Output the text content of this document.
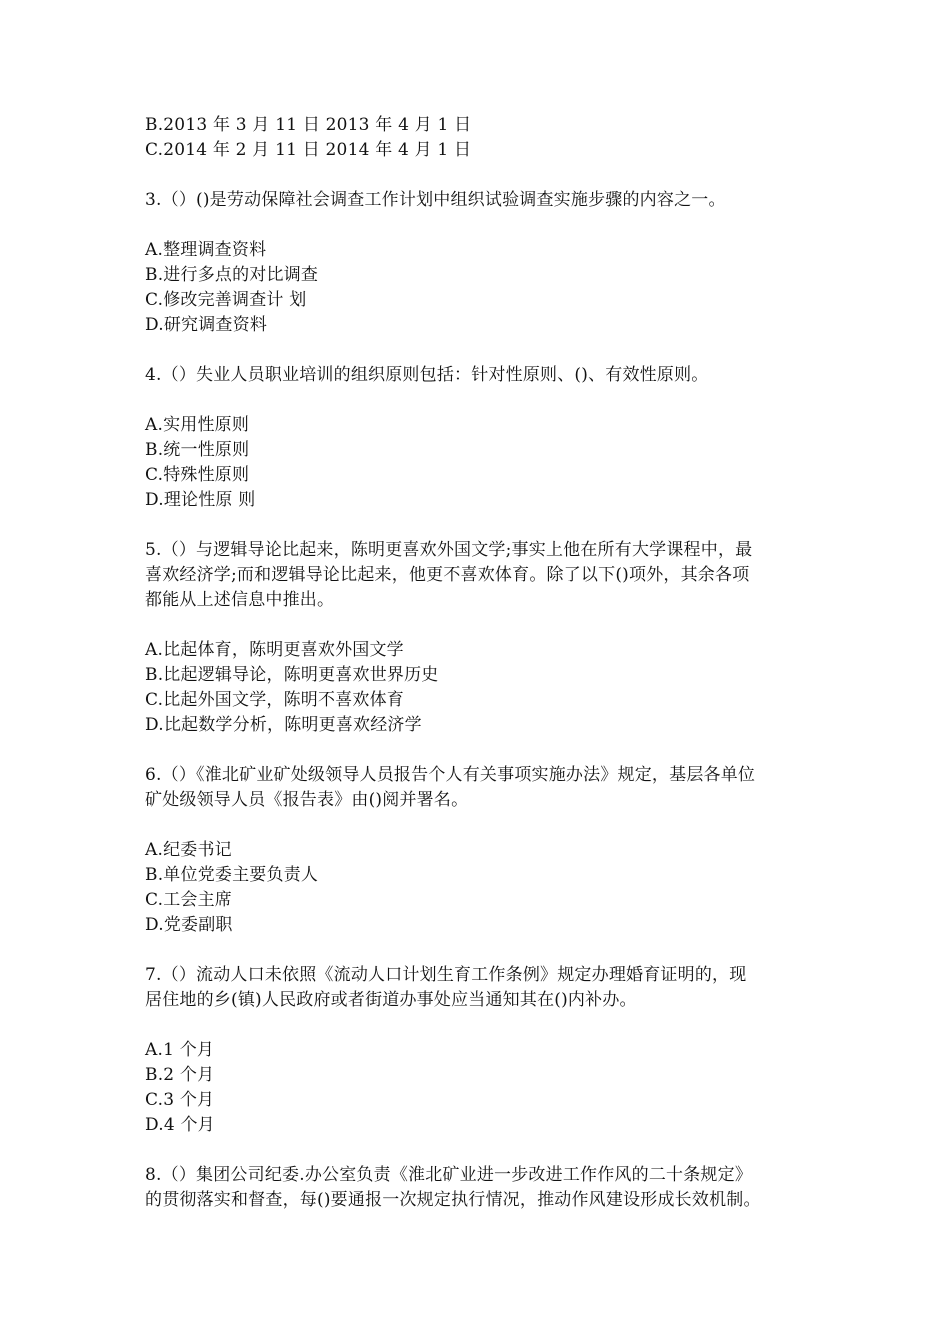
B.2013 年 3 月 11 日 2013 年 4 月 1 日
C.2014 年 2 月 11 日 2014 年 4 月 1 日
3.（）()是劳动保障社会调查工作计划中组织试验调查实施步骤的内容之一。
A.整理调查资料
B.进行多点的对比调查
C.修改完善调查计 划
D.研究调查资料
4.（）失业人员职业培训的组织原则包括：针对性原则、()、有效性原则。
A.实用性原则
B.统一性原则
C.特殊性原则
D.理论性原 则
5.（）与逻辑导论比起来，陈明更喜欢外国文学;事实上他在所有大学课程中，最
喜欢经济学;而和逻辑导论比起来，他更不喜欢体育。除了以下()项外，其余各项
都能从上述信息中推出。
A.比起体育，陈明更喜欢外国文学
B.比起逻辑导论，陈明更喜欢世界历史
C.比起外国文学，陈明不喜欢体育
D.比起数学分析，陈明更喜欢经济学
6.（）《淮北矿业矿处级领导人员报告个人有关事项实施办法》规定，基层各单位
矿处级领导人员《报告表》由()阅并署名。
A.纪委书记
B.单位党委主要负责人
C.工会主席
D.党委副职
7.（）流动人口未依照《流动人口计划生育工作条例》规定办理婚育证明的，现
居住地的乡(镇)人民政府或者街道办事处应当通知其在()内补办。
A.1 个月
B.2 个月
C.3 个月
D.4 个月
8.（）集团公司纪委.办公室负责《淮北矿业进一步改进工作作风的二十条规定》
的贯彻落实和督查，每()要通报一次规定执行情况，推动作风建设形成长效机制。
